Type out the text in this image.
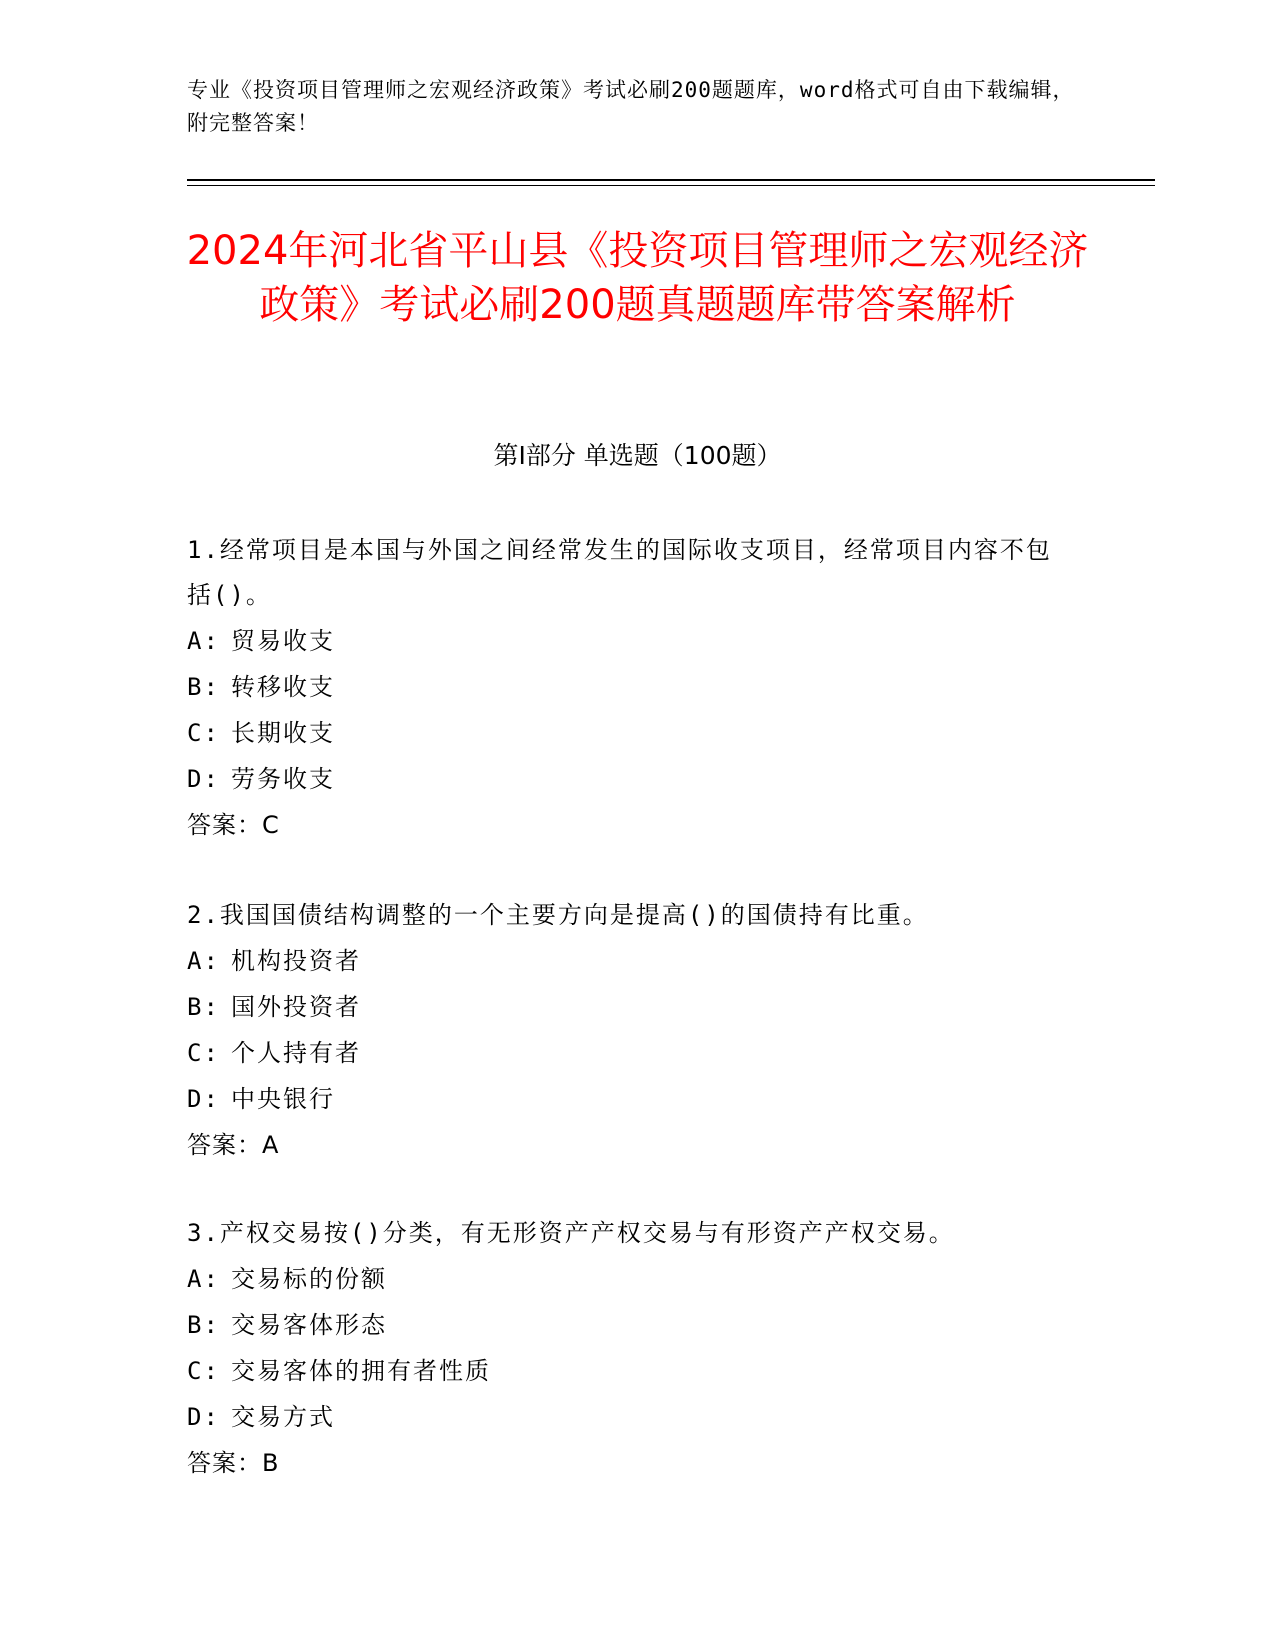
专业《投资项目管理师之宏观经济政策》考试必刷200题题库，word格式可自由下载编辑，附完整答案！
2024年河北省平山县《投资项目管理师之宏观经济政策》考试必刷200题真题题库带答案解析
第Ⅰ部分 单选题（100题）
1.经常项目是本国与外国之间经常发生的国际收支项目，经常项目内容不包括()。
A: 贸易收支
B: 转移收支
C: 长期收支
D: 劳务收支
答案：C
2.我国国债结构调整的一个主要方向是提高()的国债持有比重。
A: 机构投资者
B: 国外投资者
C: 个人持有者
D: 中央银行
答案：A
3.产权交易按()分类，有无形资产产权交易与有形资产产权交易。
A: 交易标的份额
B: 交易客体形态
C: 交易客体的拥有者性质
D: 交易方式
答案：B
